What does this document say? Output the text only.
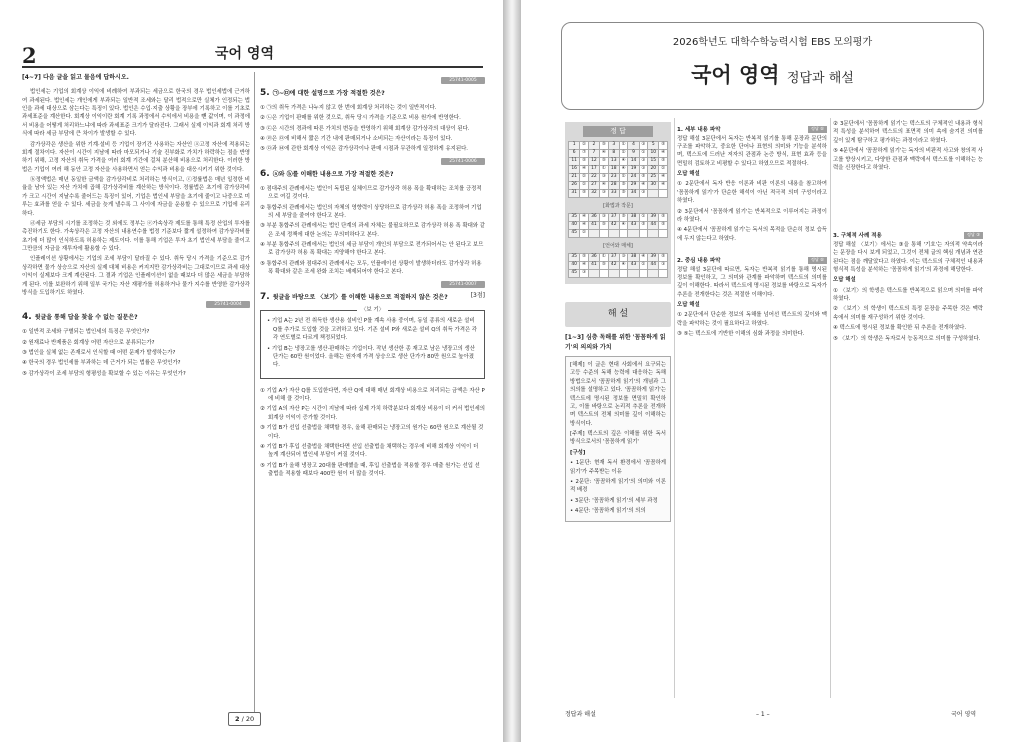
2	국어 영역
[4~7] 다음 글을 읽고 물음에 답하시오.

법인세는 기업의 회계상 이익에 비례하여 부과되는 세금으로 한국의 경우 법인세법에 근거하여 과세된다. 법인세는 개인에게 부과되는 일반적 조세와는 달리 법적으로만 실체가 인정되는 법인을 과세 대상으로 삼는다는 특징이 있다. 법인은 수입·지출 상황을 장부에 기록하고 이를 기초로 과세표준을 계산한다. 회계상 이익이란 회계 기록 과정에서 수익에서 비용을 뺀 값이며, 이 과정에서 비용을 어떻게 처리하느냐에 따라 과세표준 크기가 달라진다. 그래서 실제 이익과 회계 처리 방식에 따라 세금 부담에 큰 차이가 발생할 수 있다.

감가상각은 생산을 위한 기계·설비 등 기업이 장기간 사용하는 자산인 ⓐ고정 자산에 적용되는 회계 절차이다. 자산이 시간이 지남에 따라 마모되거나 기술 진부화로 가치가 하락하는 점을 반영하기 위해, 고정 자산의 취득 가격을 여러 회계 기간에 걸쳐 분산해 비용으로 처리한다. 이러한 방법은 기업이 여러 해 동안 고정 자산을 사용하면서 얻는 수익과 비용을 대응시키기 위한 것이다.

ⓑ정액법은 매년 동일한 금액을 감가상각비로 처리하는 방식이고, ⓒ정률법은 매년 일정한 비율을 남아 있는 자산 가치에 곱해 감가상각비를 계산하는 방식이다. 정률법은 초기에 감가상각비가 크고 시간이 지날수록 줄어드는 특징이 있어, 기업은 법인세 부담을 초기에 줄이고 나중으로 미루는 효과를 얻을 수 있다. 세금을 늦게 낼수록 그 사이에 자금을 운용할 수 있으므로 기업에 유리하다.

ⓓ세금 부담의 시기를 조정하는 것 외에도 정부는 ⓔ가속상각 제도를 통해 특정 산업의 투자를 촉진하기도 한다. 가속상각은 고정 자산의 내용연수를 법정 기준보다 짧게 설정하여 감가상각비를 초기에 더 많이 인식하도록 허용하는 제도이다. 이를 통해 기업은 투자 초기 법인세 부담을 줄이고 그만큼의 자금을 재투자에 활용할 수 있다.

인플레이션 상황에서는 기업의 조세 부담이 달라질 수 있다. 취득 당시 가격을 기준으로 감가상각하면 물가 상승으로 자산의 실제 대체 비용은 커지지만 감가상각비는 그대로이므로 과세 대상 이익이 실제보다 크게 계산된다. 그 결과 기업은 인플레이션이 없을 때보다 더 많은 세금을 부담하게 된다. 이를 보완하기 위해 일부 국가는 자산 재평가를 허용하거나 물가 지수를 반영한 감가상각 방식을 도입하기도 하였다.

25741-0004
4. 윗글을 통해 답을 찾을 수 없는 질문은?
① 일반적 조세와 구별되는 법인세의 특징은 무엇인가?
② 원재료나 반제품은 회계상 어떤 자산으로 분류되는가?
③ 법인을 실체 없는 존재로서 인식할 때 어떤 문제가 발생하는가?
④ 한국의 경우 법인세를 부과하는 데 근거가 되는 법률은 무엇인가?
⑤ 감가상각이 조세 부담의 형평성을 확보할 수 있는 이유는 무엇인가?
25741-0005
5. ㉠~㉤에 대한 설명으로 가장 적절한 것은?
① ㉠의 취득 가격은 나누지 않고 한 번에 회계상 처리하는 것이 일반적이다.
② ㉡은 기업이 판매를 위한 것으로, 취득 당시 가격을 기준으로 비용 원가에 반영한다.
③ ㉢은 시간의 경과에 따른 가치의 변동을 반영하기 위해 회계상 감가상각의 대상이 된다.
④ ㉣은 ㉤에 비해서 짧은 기간 내에 판매되거나 소비되는 자산이라는 특징이 있다.
⑤ ㉤과 ㉥에 관한 회계상 이익은 감가상각이나 판매 시점과 무관하게 일정하게 유지된다.
25741-0006
6. ⓐ와 ⓑ를 이해한 내용으로 가장 적절한 것은?
① 점대주의 관례에서는 법인이 독립된 실체이므로 감가상각 허용 폭을 확대하는 조치를 긍정적으로 여길 것이다.
② 통합주의 관례에서는 법인의 자체의 영향력이 상당하므로 감가상각 허용 폭을 조정하여 기업의 세 부담을 줄여야 한다고 본다.
③ 부분 통합주의 관례에서는 법인 단계의 과세 자체는 불필요하므로 감가상각 허용 폭 확대와 같은 조세 정책에 대한 논의는 무의미하다고 본다.
④ 부분 통합주의 관례에서는 법인의 세금 부담이 개인의 부담으로 전가되어서는 안 된다고 보므로 감가상각 허용 폭 확대는 지양해야 한다고 본다.
⑤ 통합주의 관례와 점대주의 관례에서는 모두, 인플레이션 상황이 발생하더라도 감가상각 허용 폭 확대와 같은 조세 완화 조치는 배제되어야 한다고 본다.
25741-0007
7. 윗글을 바탕으로 〈보기〉를 이해한 내용으로 적절하지 않은 것은?	[3점]
〈보 기〉
• 기업 A는 2년 전 취득한 생산용 설비인 P를 계속 사용 중이며, 동일 종류의 새로운 설비 Q를 추가로 도입할 것을 고려하고 있다. 기존 설비 P와 새로운 설비 Q의 취득 가격은 각각 연도별로 다르게 책정되었다.
• 기업 B는 냉장고를 생산·판매하는 기업이다. 작년 생산한 종 재고로 남은 냉장고의 생산 단가는 60만 원이었다. 올해는 원자재 가격 상승으로 생산 단가가 80만 원으로 높아졌다.
① 기업 A가 자산 Q를 도입한다면, 자산 Q에 대해 매년 회계상 비용으로 처리되는 금액은 자산 P에 비해 클 것이다.
② 기업 A의 자산 P는 시간이 지남에 따라 실제 가치 하락분보다 회계상 비용이 더 커서 법인세의 회계상 이익이 증가할 것이다.
③ 기업 B가 선입 선출법을 채택할 경우, 올해 판매되는 냉장고의 원가는 60만 원으로 계산될 것이다.
④ 기업 B가 후입 선출법을 채택한다면 선입 선출법을 채택하는 경우에 비해 회계상 이익이 더 높게 계산되어 법인세 부담이 커질 것이다.
⑤ 기업 B가 올해 냉장고 20대를 판매했을 때, 후입 선출법을 적용할 경우 매출 원가는 선입 선출법을 적용할 때보다 400만 원이 더 많을 것이다.
2 / 20
2026학년도 대학수학능력시험 EBS 모의평가
국어 영역 정답과 해설
정 답
1	②	2	⑤	3	①	4	③	5	⑤
6	⑦	7	④	8	②	9	①	10	④
11	⑤	12	⑤	13	④	14	③	15	⑤
16	④	17	①	18	④	19	③	20	②
21	②	22	③	23	②	24	⑤	25	④
26	②	27	④	28	⑤	29	④	30	④
31	⑤	32	③	33	⑤	34	③		
[화법과 작문]
35	④	36	③	37	⑤	38	①	39	⑤
40	④	41	⑤	42	④	43	⑤	44	⑤
45	②								
[언어와 매체]
35	⑤	36	①	37	③	38	④	39	⑤
40	④	41	⑤	42	④	43	②	44	③
45	③								
해 설
[1~3] 심층 독해를 위한 '꼼꼼하게 읽기'의 의의와 가치

[해제] 이 글은 현대 사회에서 요구되는 고등 수준의 독해 능력에 대응하는 독해 방법으로서 '꼼꼼하게 읽기'의 개념과 그 의의를 설명하고 있다. '꼼꼼하게 읽기'는 텍스트에 명시된 정보를 면밀히 확인하고, 이를 바탕으로 논리적 추론을 전개하며 텍스트의 전체 의미를 깊이 이해하는 방식이다.

[주제] 텍스트의 깊은 이해를 위한 독서 방식으로서의 '꼼꼼하게 읽기'

[구성]

• 1문단: 현재 독서 환경에서 '꼼꼼하게 읽기'가 주목받는 이유

• 2문단: '꼼꼼하게 읽기'의 의미와 이론적 배경

• 3문단: '꼼꼼하게 읽기'의 세부 과정

• 4문단: '꼼꼼하게 읽기'의 의의

1. 세부 내용 파악	정답 ⑤

정답 해설 3문단에서 독자는 반복적 읽기를 통해 문장과 문단의 구조를 파악하고, 중요한 단어나 표현의 의미와 기능을 분석하며, 텍스트에 드러난 저자의 관점과 논증 방식, 표현 효과 등을 면밀히 검토하고 비평할 수 있다고 하였으므로 적절하다.

오답 해설

① 2문단에서 독자 반응 이론과 비판 이론의 내용을 참고하여 '꼼꼼하게 읽기'가 단순한 해석이 아닌 적극적 의미 구성이라고 하였다.

② 3문단에서 '꼼꼼하게 읽기'는 반복적으로 이루어지는 과정이라 하였다.

④ 4문단에서 '꼼꼼하게 읽기'는 독서의 목적을 단순히 정보 습득에 두지 않는다고 하였다.

2. 중심 내용 파악	정답 ⑤

정답 해설 3문단에 따르면, 독자는 반복적 읽기를 통해 명시된 정보를 확인하고, 그 의미와 관계를 파악하며 텍스트의 의미를 깊이 이해한다. 따라서 텍스트에 명시된 정보를 바탕으로 독자가 추론을 전개한다는 것은 적절한 이해이다.

오답 해설

① 2문단에서 단순한 정보의 독해를 넘어선 텍스트의 깊이와 맥락을 파악하는 것이 필요하다고 하였다.

③ ⑤는 텍스트에 기반한 이해의 심화 과정을 의미한다.

② 3문단에서 '꼼꼼하게 읽기'는 텍스트의 구체적인 내용과 형식적 특성을 분석하여 텍스트의 표면적 의미 속에 숨겨진 의미를 깊이 있게 탐구하고 평가하는 과정이라고 하였다.

⑤ 4문단에서 '꼼꼼하게 읽기'는 독자의 비판적 사고와 창의적 사고를 향상시키고, 다양한 관점과 맥락에서 텍스트를 이해하는 능력을 신장한다고 하였다.

3. 구체적 사례 적용	정답 ③

정답 해설 〈보기〉에서는 ③을 통해 '기호'는 자의적 약속이라는 문장을 다시 보게 되었고, 그것이 전체 글의 핵심 개념과 연관된다는 점을 깨달았다고 하였다. 이는 텍스트의 구체적인 내용과 형식적 특성을 분석하는 '꼼꼼하게 읽기'의 과정에 해당한다.

오답 해설

① 〈보기〉의 학생은 텍스트를 반복적으로 읽으며 의미를 파악하였다.

② 〈보기〉의 학생이 텍스트의 특정 문장을 주목한 것은 맥락 속에서 의미를 재구성하기 위한 것이다.

④ 텍스트에 명시된 정보를 확인한 뒤 추론을 전개하였다.

⑤ 〈보기〉의 학생은 독자로서 능동적으로 의미를 구성하였다.

정답과 해설	– 1 –	국어 영역
